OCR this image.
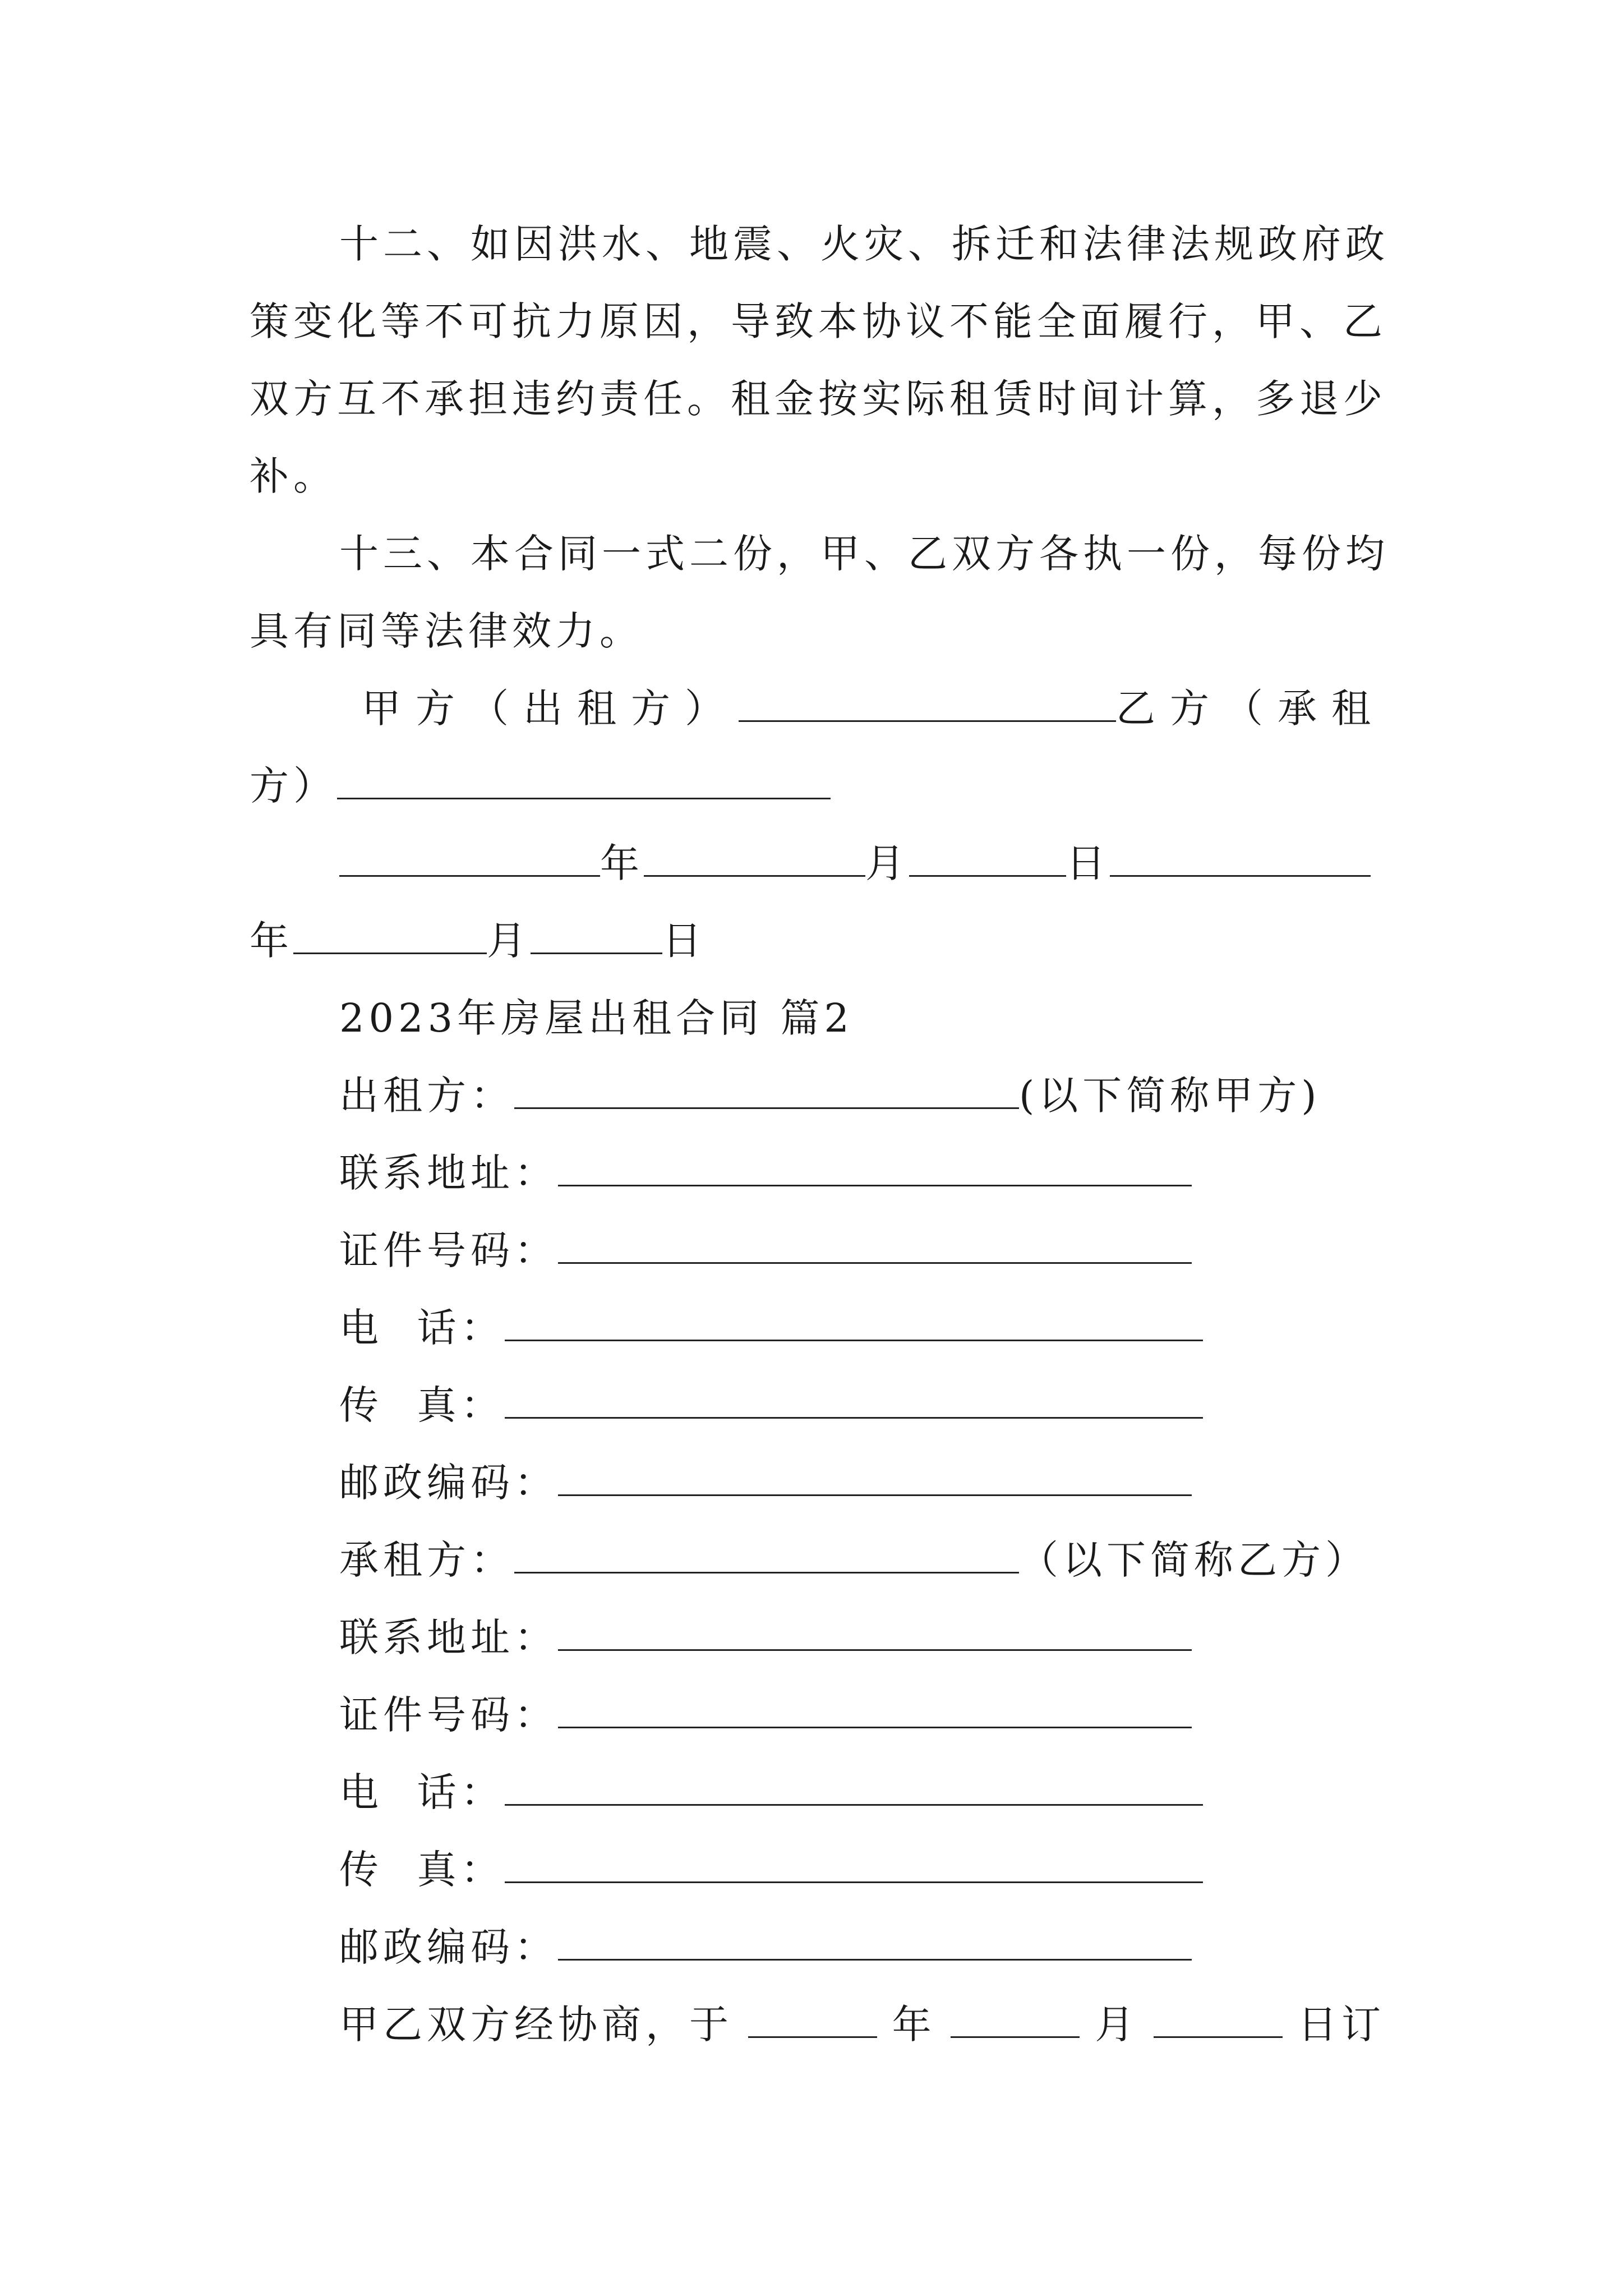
十二、如因洪水、地震、火灾、拆迁和法律法规政府政
策变化等不可抗力原因，导致本协议不能全面履行，甲、乙
双方互不承担违约责任。租金按实际租赁时间计算，多退少
补。
十三、本合同一式二份，甲、乙双方各执一份，每份均
具有同等法律效力。
甲方（出租方）	乙方（承租
方）
年	月	日
年	月	日
2023年房屋出租合同 篇2
出租方：	(以下简称甲方)
联系地址：
证件号码：
电  话：
传  真：
邮政编码：
承租方：	（以下简称乙方）
联系地址：
证件号码：
电  话：
传  真：
邮政编码：
甲乙双方经协商，于	年	月	日订
